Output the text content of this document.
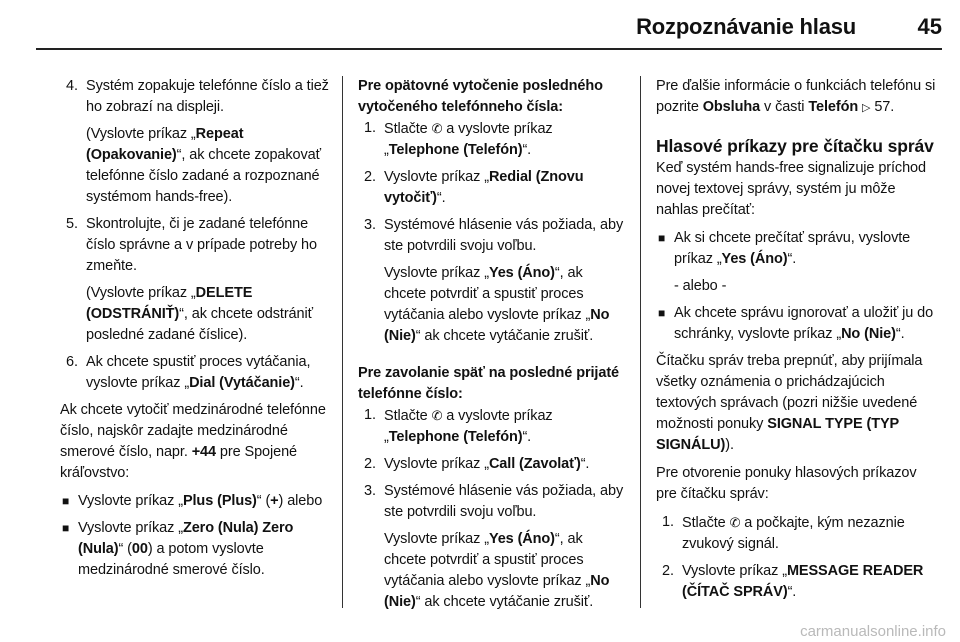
Rozpoznávanie hlasu	45
4. Systém zopakuje telefónne číslo a tiež ho zobrazí na displeji.
(Vyslovte príkaz „Repeat (Opakovanie)“, ak chcete zopakovať telefónne číslo zadané a rozpoznané systémom hands-free).
5. Skontrolujte, či je zadané telefónne číslo správne a v prípade potreby ho zmeňte.
(Vyslovte príkaz „DELETE (ODSTRÁNIŤ)“, ak chcete odstrániť posledné zadané číslice).
6. Ak chcete spustiť proces vytáčania, vyslovte príkaz „Dial (Vytáčanie)“.
Ak chcete vytočiť medzinárodné telefónne číslo, najskôr zadajte medzinárodné smerové číslo, napr. +44 pre Spojené kráľovstvo:
■ Vyslovte príkaz „Plus (Plus)“ (+) alebo
■ Vyslovte príkaz „Zero (Nula) Zero (Nula)“ (00) a potom vyslovte medzinárodné smerové číslo.
Pre opätovné vytočenie posledného vytočeného telefónneho čísla:
1. Stlačte ✆ a vyslovte príkaz „Telephone (Telefón)“.
2. Vyslovte príkaz „Redial (Znovu vytočiť)“.
3. Systémové hlásenie vás požiada, aby ste potvrdili svoju voľbu.
Vyslovte príkaz „Yes (Áno)“, ak chcete potvrdiť a spustiť proces vytáčania alebo vyslovte príkaz „No (Nie)“ ak chcete vytáčanie zrušiť.
Pre zavolanie späť na posledné prijaté telefónne číslo:
1. Stlačte ✆ a vyslovte príkaz „Telephone (Telefón)“.
2. Vyslovte príkaz „Call (Zavolať)“.
3. Systémové hlásenie vás požiada, aby ste potvrdili svoju voľbu.
Vyslovte príkaz „Yes (Áno)“, ak chcete potvrdiť a spustiť proces vytáčania alebo vyslovte príkaz „No (Nie)“ ak chcete vytáčanie zrušiť.
Pre ďalšie informácie o funkciách telefónu si pozrite Obsluha v časti Telefón ▷ 57.
Hlasové príkazy pre čítačku správ
Keď systém hands-free signalizuje príchod novej textovej správy, systém ju môže nahlas prečítať:
■ Ak si chcete prečítať správu, vyslovte príkaz „Yes (Áno)“.
- alebo -
■ Ak chcete správu ignorovať a uložiť ju do schránky, vyslovte príkaz „No (Nie)“.
Čítačku správ treba prepnúť, aby prijímala všetky oznámenia o prichádzajúcich textových správach (pozri nižšie uvedené možnosti ponuky SIGNAL TYPE (TYP SIGNÁLU)).
Pre otvorenie ponuky hlasových príkazov pre čítačku správ:
1. Stlačte ✆ a počkajte, kým nezaznie zvukový signál.
2. Vyslovte príkaz „MESSAGE READER (ČÍTAČ SPRÁV)“.
carmanualsonline.info
